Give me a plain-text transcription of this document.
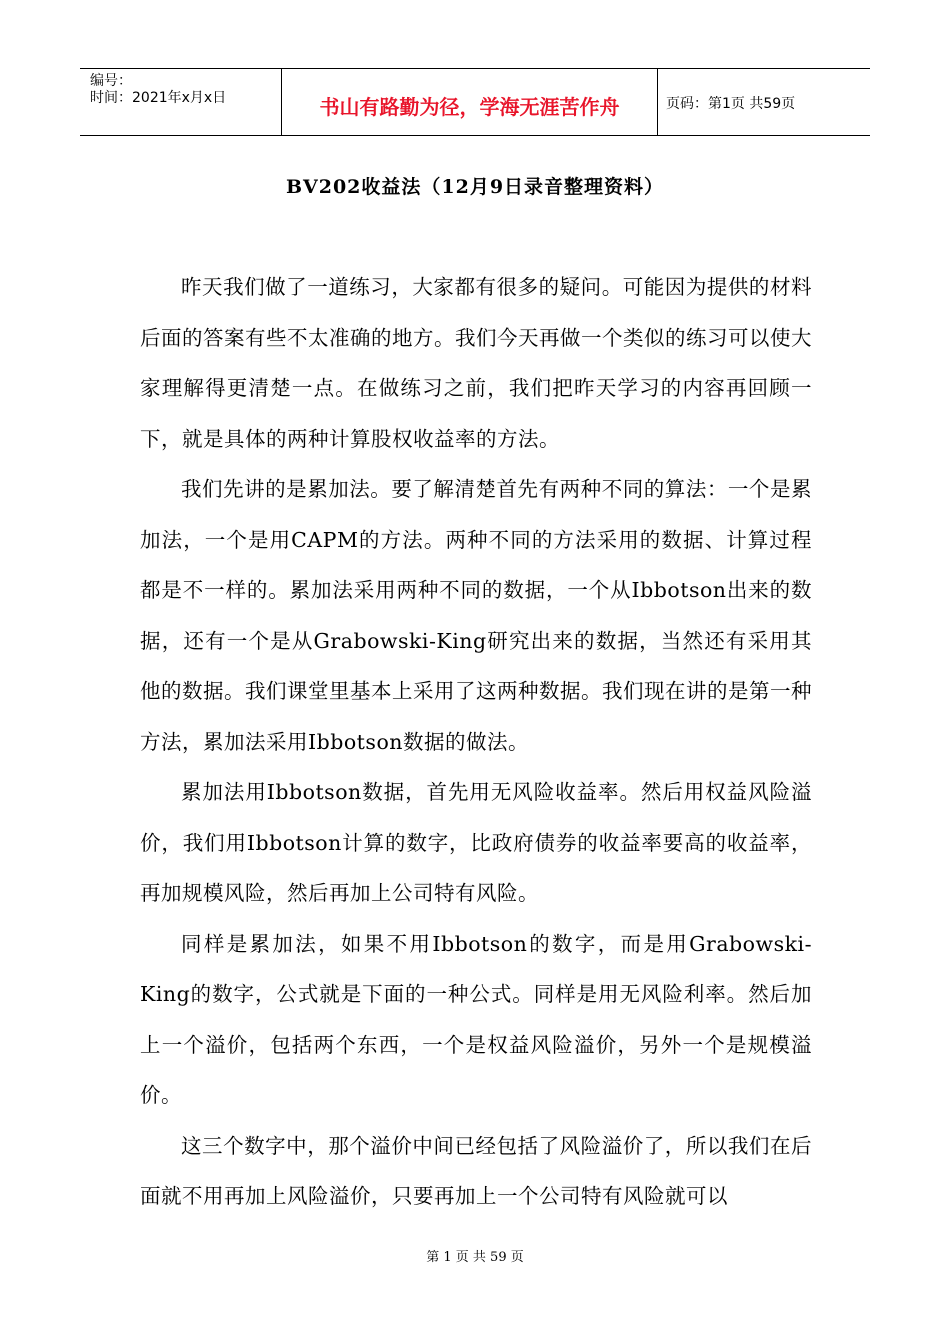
编号：
时间：2021年x月x日	书山有路勤为径，学海无涯苦作舟	页码：第1页 共59页
BV202收益法（12月9日录音整理资料）

昨天我们做了一道练习，大家都有很多的疑问。可能因为提供的材料后面的答案有些不太准确的地方。我们今天再做一个类似的练习可以使大家理解得更清楚一点。在做练习之前，我们把昨天学习的内容再回顾一下，就是具体的两种计算股权收益率的方法。

我们先讲的是累加法。要了解清楚首先有两种不同的算法：一个是累加法，一个是用CAPM的方法。两种不同的方法采用的数据、计算过程都是不一样的。累加法采用两种不同的数据，一个从Ibbotson出来的数据，还有一个是从Grabowski-King研究出来的数据，当然还有采用其他的数据。我们课堂里基本上采用了这两种数据。我们现在讲的是第一种方法，累加法采用Ibbotson数据的做法。

累加法用Ibbotson数据，首先用无风险收益率。然后用权益风险溢价，我们用Ibbotson计算的数字，比政府债券的收益率要高的收益率，再加规模风险，然后再加上公司特有风险。

同样是累加法，如果不用Ibbotson的数字，而是用Grabowski-King的数字，公式就是下面的一种公式。同样是用无风险利率。然后加上一个溢价，包括两个东西，一个是权益风险溢价，另外一个是规模溢价。

这三个数字中，那个溢价中间已经包括了风险溢价了，所以我们在后面就不用再加上风险溢价，只要再加上一个公司特有风险就可以

第 1 页 共 59 页
